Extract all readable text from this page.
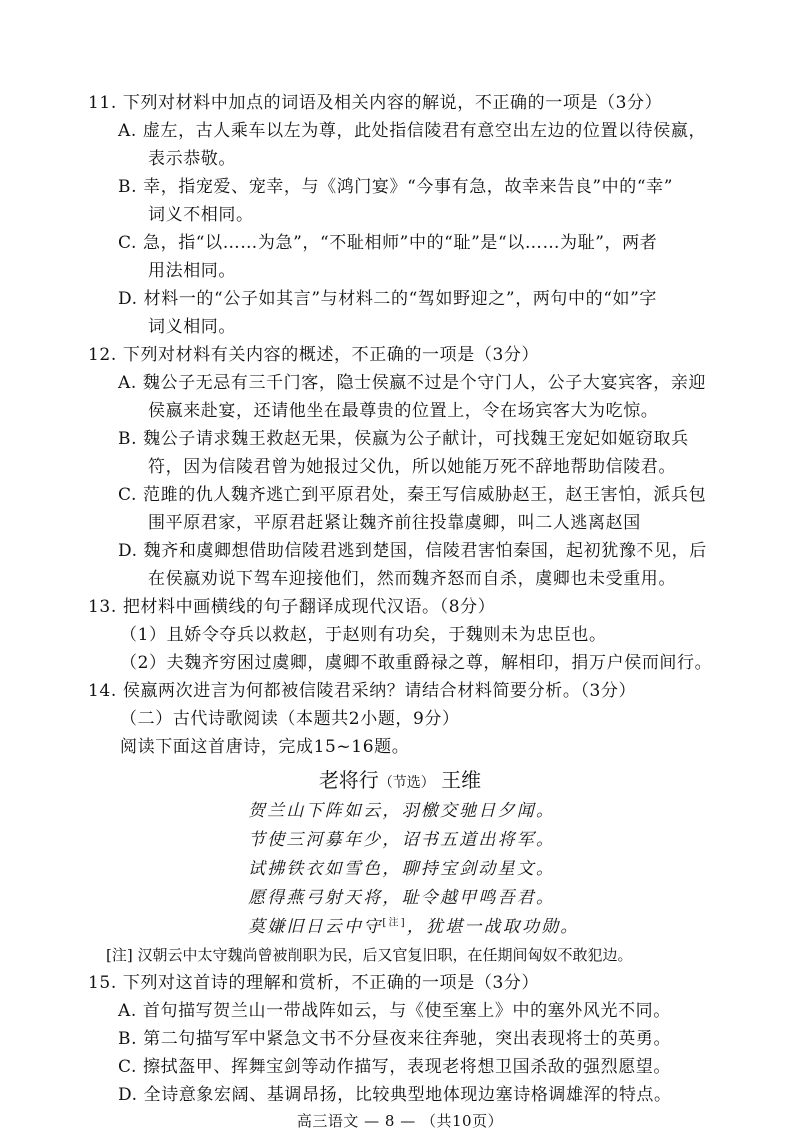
11. 下列对材料中加点的词语及相关内容的解说，不正确的一项是（3分）
A. 虚左，古人乘车以左为尊，此处指信陵君有意空出左边的位置以待侯嬴，
表示恭敬。
B. 幸，指宠爱、宠幸，与《鸿门宴》“今事有急，故幸来告良”中的“幸”
词义不相同。
C. 急，指“以……为急”，“不耻相师”中的“耻”是“以……为耻”，两者
用法相同。
D. 材料一的“公子如其言”与材料二的“驾如野迎之”，两句中的“如”字
词义相同。
12. 下列对材料有关内容的概述，不正确的一项是（3分）
A. 魏公子无忌有三千门客，隐士侯嬴不过是个守门人，公子大宴宾客，亲迎
侯嬴来赴宴，还请他坐在最尊贵的位置上，令在场宾客大为吃惊。
B. 魏公子请求魏王救赵无果，侯嬴为公子献计，可找魏王宠妃如姬窃取兵
符，因为信陵君曾为她报过父仇，所以她能万死不辞地帮助信陵君。
C. 范雎的仇人魏齐逃亡到平原君处，秦王写信威胁赵王，赵王害怕，派兵包
围平原君家，平原君赶紧让魏齐前往投靠虞卿，叫二人逃离赵国
D. 魏齐和虞卿想借助信陵君逃到楚国，信陵君害怕秦国，起初犹豫不见，后
在侯嬴劝说下驾车迎接他们，然而魏齐怒而自杀，虞卿也未受重用。
13. 把材料中画横线的句子翻译成现代汉语。（8分）
（1）且娇令夺兵以救赵，于赵则有功矣，于魏则未为忠臣也。
（2）夫魏齐穷困过虞卿，虞卿不敢重爵禄之尊，解相印，捐万户侯而间行。
14. 侯嬴两次进言为何都被信陵君采纳？请结合材料简要分析。（3分）
（二）古代诗歌阅读（本题共2小题，9分）
阅读下面这首唐诗，完成15~16题。
老将行（节选） 王维
贺兰山下阵如云，羽檄交驰日夕闻。
节使三河募年少，诏书五道出将军。
试拂铁衣如雪色，聊持宝剑动星文。
愿得燕弓射天将，耻令越甲鸣吾君。
莫嫌旧日云中守[注]，犹堪一战取功勋。
[注] 汉朝云中太守魏尚曾被削职为民，后又官复旧职，在任期间匈奴不敢犯边。
15. 下列对这首诗的理解和赏析，不正确的一项是（3分）
A. 首句描写贺兰山一带战阵如云，与《使至塞上》中的塞外风光不同。
B. 第二句描写军中紧急文书不分昼夜来往奔驰，突出表现将士的英勇。
C. 擦拭盔甲、挥舞宝剑等动作描写，表现老将想卫国杀敌的强烈愿望。
D. 全诗意象宏阔、基调昂扬，比较典型地体现边塞诗格调雄浑的特点。
高三语文 — 8 — （共10页）
